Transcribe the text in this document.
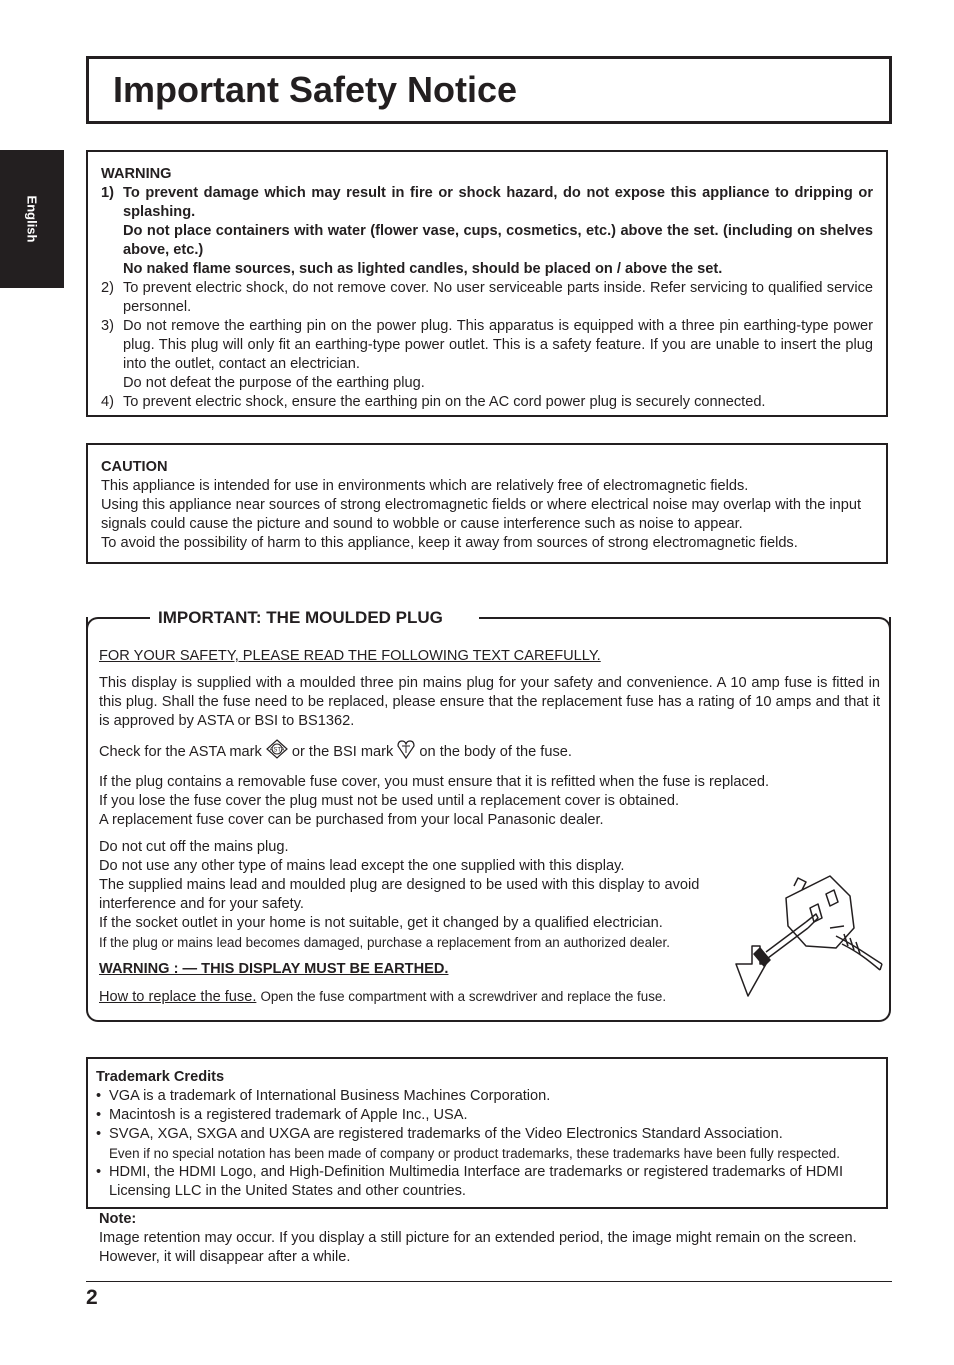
Important Safety Notice
English
WARNING
1) To prevent damage which may result in fire or shock hazard, do not expose this appliance to dripping or splashing.
Do not place containers with water (flower vase, cups, cosmetics, etc.) above the set. (including on shelves above, etc.)
No naked flame sources, such as lighted candles, should be placed on / above the set.
2) To prevent electric shock, do not remove cover. No user serviceable parts inside. Refer servicing to qualified service personnel.
3) Do not remove the earthing pin on the power plug. This apparatus is equipped with a three pin earthing-type power plug. This plug will only fit an earthing-type power outlet. This is a safety feature. If you are unable to insert the plug into the outlet, contact an electrician.
Do not defeat the purpose of the earthing plug.
4) To prevent electric shock, ensure the earthing pin on the AC cord power plug is securely connected.
CAUTION
This appliance is intended for use in environments which are relatively free of electromagnetic fields.
Using this appliance near sources of strong electromagnetic fields or where electrical noise may overlap with the input signals could cause the picture and sound to wobble or cause interference such as noise to appear.
To avoid the possibility of harm to this appliance, keep it away from sources of strong electromagnetic fields.
IMPORTANT: THE MOULDED PLUG

FOR YOUR SAFETY, PLEASE READ THE FOLLOWING TEXT CAREFULLY.

This display is supplied with a moulded three pin mains plug for your safety and convenience. A 10 amp fuse is fitted in this plug. Shall the fuse need to be replaced, please ensure that the replacement fuse has a rating of 10 amps and that it is approved by ASTA or BSI to BS1362.

Check for the ASTA mark ASTA or the BSI mark on the body of the fuse.

If the plug contains a removable fuse cover, you must ensure that it is refitted when the fuse is replaced.
If you lose the fuse cover the plug must not be used until a replacement cover is obtained.
A replacement fuse cover can be purchased from your local Panasonic dealer.

Do not cut off the mains plug.
Do not use any other type of mains lead except the one supplied with this display.
The supplied mains lead and moulded plug are designed to be used with this display to avoid interference and for your safety.
If the socket outlet in your home is not suitable, get it changed by a qualified electrician.
If the plug or mains lead becomes damaged, purchase a replacement from an authorized dealer.

WARNING : — THIS DISPLAY MUST BE EARTHED.

How to replace the fuse. Open the fuse compartment with a screwdriver and replace the fuse.

Trademark Credits
• VGA is a trademark of International Business Machines Corporation.
• Macintosh is a registered trademark of Apple Inc., USA.
• SVGA, XGA, SXGA and UXGA are registered trademarks of the Video Electronics Standard Association.
Even if no special notation has been made of company or product trademarks, these trademarks have been fully respected.
• HDMI, the HDMI Logo, and High-Definition Multimedia Interface are trademarks or registered trademarks of HDMI Licensing LLC in the United States and other countries.
Note:
Image retention may occur. If you display a still picture for an extended period, the image might remain on the screen.
However, it will disappear after a while.
2
